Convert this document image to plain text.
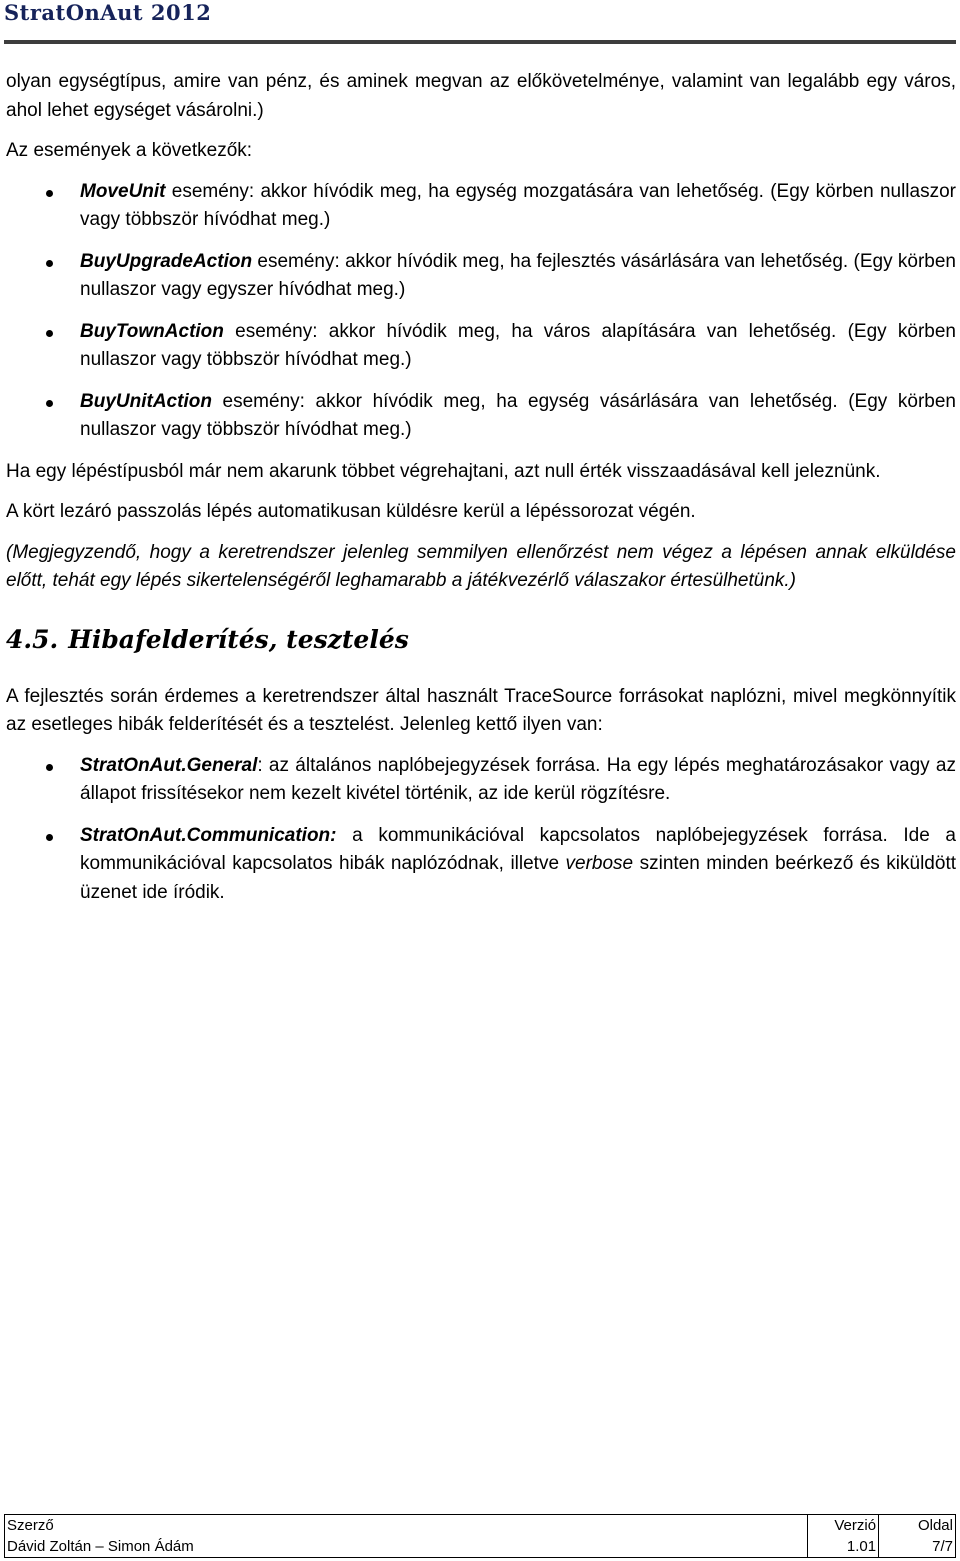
StratOnAut 2012

olyan egységtípus, amire van pénz, és aminek megvan az előkövetelménye, valamint van legalább egy város, ahol lehet egységet vásárolni.)

Az események a következők:

MoveUnit esemény: akkor hívódik meg, ha egység mozgatására van lehetőség. (Egy körben nullaszor vagy többször hívódhat meg.)
BuyUpgradeAction esemény: akkor hívódik meg, ha fejlesztés vásárlására van lehetőség. (Egy körben nullaszor vagy egyszer hívódhat meg.)
BuyTownAction esemény: akkor hívódik meg, ha város alapítására van lehetőség. (Egy körben nullaszor vagy többször hívódhat meg.)
BuyUnitAction esemény: akkor hívódik meg, ha egység vásárlására van lehetőség. (Egy körben nullaszor vagy többször hívódhat meg.)

Ha egy lépéstípusból már nem akarunk többet végrehajtani, azt null érték visszaadásával kell jeleznünk.

A kört lezáró passzolás lépés automatikusan küldésre kerül a lépéssorozat végén.

(Megjegyzendő, hogy a keretrendszer jelenleg semmilyen ellenőrzést nem végez a lépésen annak elküldése előtt, tehát egy lépés sikertelenségéről leghamarabb a játékvezérlő válaszakor értesülhetünk.)

4.5. Hibafelderítés, tesztelés

A fejlesztés során érdemes a keretrendszer által használt TraceSource forrásokat naplózni, mivel megkönnyítik az esetleges hibák felderítését és a tesztelést. Jelenleg kettő ilyen van:

StratOnAut.General: az általános naplóbejegyzések forrása. Ha egy lépés meghatározásakor vagy az állapot frissítésekor nem kezelt kivétel történik, az ide kerül rögzítésre.
StratOnAut.Communication: a kommunikációval kapcsolatos naplóbejegyzések forrása. Ide a kommunikációval kapcsolatos hibák naplózódnak, illetve verbose szinten minden beérkező és kiküldött üzenet ide íródik.
Szerző
Dávid Zoltán – Simon Ádám

Verzió
1.01

Oldal
7/7
